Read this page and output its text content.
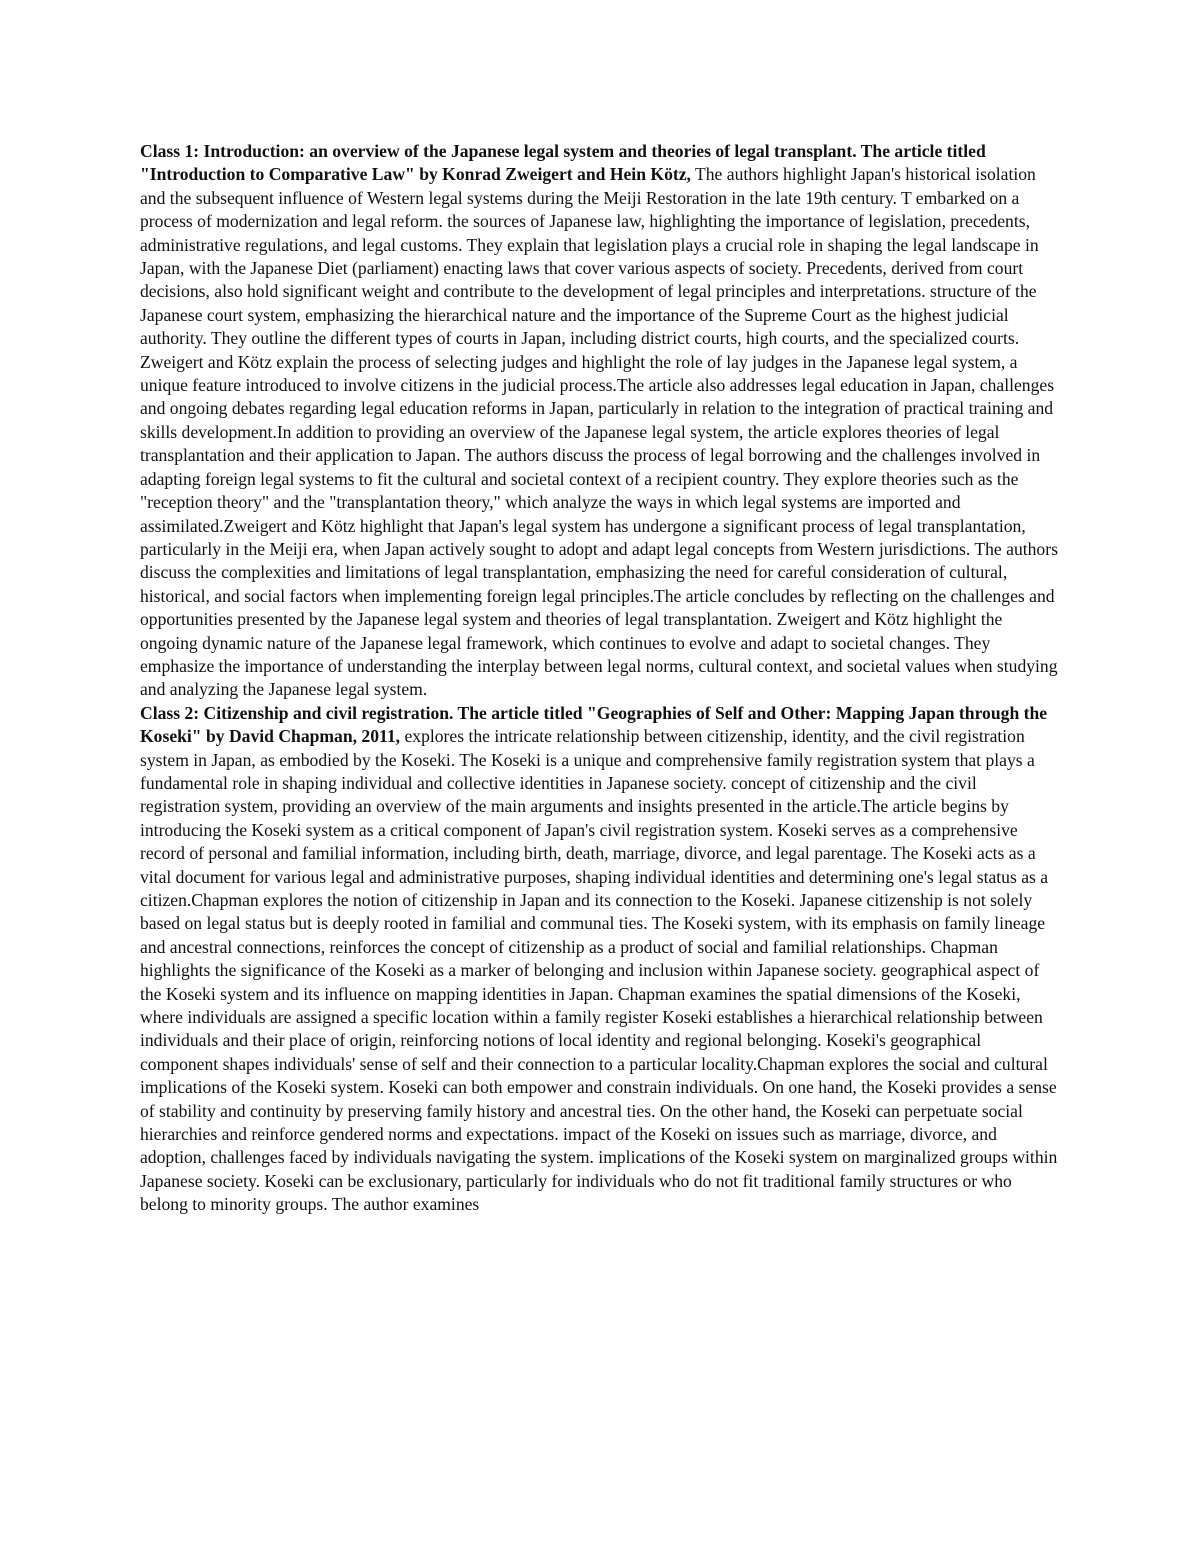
Class 1: Introduction: an overview of the Japanese legal system and theories of legal transplant. The article titled "Introduction to Comparative Law" by Konrad Zweigert and Hein Kötz, The authors highlight Japan's historical isolation and the subsequent influence of Western legal systems during the Meiji Restoration in the late 19th century. T embarked on a process of modernization and legal reform. the sources of Japanese law, highlighting the importance of legislation, precedents, administrative regulations, and legal customs. They explain that legislation plays a crucial role in shaping the legal landscape in Japan, with the Japanese Diet (parliament) enacting laws that cover various aspects of society. Precedents, derived from court decisions, also hold significant weight and contribute to the development of legal principles and interpretations. structure of the Japanese court system, emphasizing the hierarchical nature and the importance of the Supreme Court as the highest judicial authority. They outline the different types of courts in Japan, including district courts, high courts, and the specialized courts. Zweigert and Kötz explain the process of selecting judges and highlight the role of lay judges in the Japanese legal system, a unique feature introduced to involve citizens in the judicial process.The article also addresses legal education in Japan, challenges and ongoing debates regarding legal education reforms in Japan, particularly in relation to the integration of practical training and skills development.In addition to providing an overview of the Japanese legal system, the article explores theories of legal transplantation and their application to Japan. The authors discuss the process of legal borrowing and the challenges involved in adapting foreign legal systems to fit the cultural and societal context of a recipient country. They explore theories such as the "reception theory" and the "transplantation theory," which analyze the ways in which legal systems are imported and assimilated.Zweigert and Kötz highlight that Japan's legal system has undergone a significant process of legal transplantation, particularly in the Meiji era, when Japan actively sought to adopt and adapt legal concepts from Western jurisdictions. The authors discuss the complexities and limitations of legal transplantation, emphasizing the need for careful consideration of cultural, historical, and social factors when implementing foreign legal principles.The article concludes by reflecting on the challenges and opportunities presented by the Japanese legal system and theories of legal transplantation. Zweigert and Kötz highlight the ongoing dynamic nature of the Japanese legal framework, which continues to evolve and adapt to societal changes. They emphasize the importance of understanding the interplay between legal norms, cultural context, and societal values when studying and analyzing the Japanese legal system.

Class 2: Citizenship and civil registration. The article titled "Geographies of Self and Other: Mapping Japan through the Koseki" by David Chapman, 2011, explores the intricate relationship between citizenship, identity, and the civil registration system in Japan, as embodied by the Koseki. The Koseki is a unique and comprehensive family registration system that plays a fundamental role in shaping individual and collective identities in Japanese society. concept of citizenship and the civil registration system, providing an overview of the main arguments and insights presented in the article.The article begins by introducing the Koseki system as a critical component of Japan's civil registration system. Koseki serves as a comprehensive record of personal and familial information, including birth, death, marriage, divorce, and legal parentage. The Koseki acts as a vital document for various legal and administrative purposes, shaping individual identities and determining one's legal status as a citizen.Chapman explores the notion of citizenship in Japan and its connection to the Koseki. Japanese citizenship is not solely based on legal status but is deeply rooted in familial and communal ties. The Koseki system, with its emphasis on family lineage and ancestral connections, reinforces the concept of citizenship as a product of social and familial relationships. Chapman highlights the significance of the Koseki as a marker of belonging and inclusion within Japanese society. geographical aspect of the Koseki system and its influence on mapping identities in Japan. Chapman examines the spatial dimensions of the Koseki, where individuals are assigned a specific location within a family register Koseki establishes a hierarchical relationship between individuals and their place of origin, reinforcing notions of local identity and regional belonging. Koseki's geographical component shapes individuals' sense of self and their connection to a particular locality.Chapman explores the social and cultural implications of the Koseki system. Koseki can both empower and constrain individuals. On one hand, the Koseki provides a sense of stability and continuity by preserving family history and ancestral ties. On the other hand, the Koseki can perpetuate social hierarchies and reinforce gendered norms and expectations. impact of the Koseki on issues such as marriage, divorce, and adoption, challenges faced by individuals navigating the system. implications of the Koseki system on marginalized groups within Japanese society. Koseki can be exclusionary, particularly for individuals who do not fit traditional family structures or who belong to minority groups. The author examines
